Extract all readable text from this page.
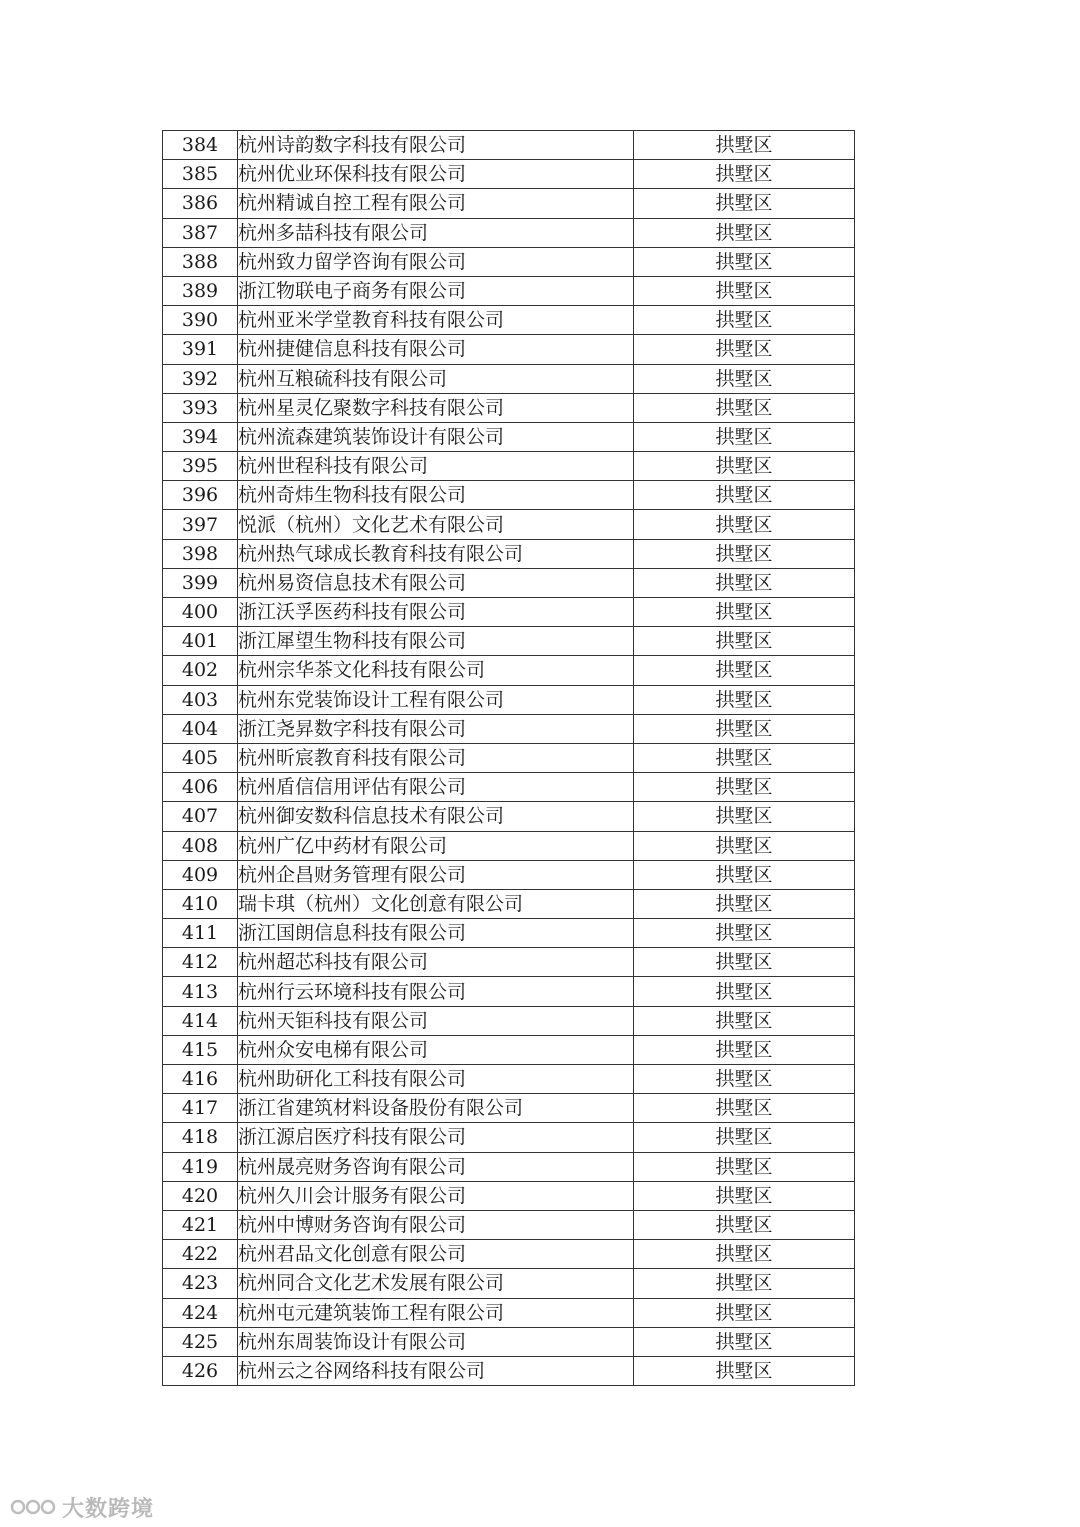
384	杭州诗韵数字科技有限公司	拱墅区
385	杭州优业环保科技有限公司	拱墅区
386	杭州精诚自控工程有限公司	拱墅区
387	杭州多喆科技有限公司	拱墅区
388	杭州致力留学咨询有限公司	拱墅区
389	浙江物联电子商务有限公司	拱墅区
390	杭州亚米学堂教育科技有限公司	拱墅区
391	杭州捷健信息科技有限公司	拱墅区
392	杭州互粮硫科技有限公司	拱墅区
393	杭州星灵亿聚数字科技有限公司	拱墅区
394	杭州流森建筑装饰设计有限公司	拱墅区
395	杭州世程科技有限公司	拱墅区
396	杭州奇炜生物科技有限公司	拱墅区
397	悦派（杭州）文化艺术有限公司	拱墅区
398	杭州热气球成长教育科技有限公司	拱墅区
399	杭州易资信息技术有限公司	拱墅区
400	浙江沃孚医药科技有限公司	拱墅区
401	浙江犀望生物科技有限公司	拱墅区
402	杭州宗华茶文化科技有限公司	拱墅区
403	杭州东党装饰设计工程有限公司	拱墅区
404	浙江尧昇数字科技有限公司	拱墅区
405	杭州昕宸教育科技有限公司	拱墅区
406	杭州盾信信用评估有限公司	拱墅区
407	杭州御安数科信息技术有限公司	拱墅区
408	杭州广亿中药材有限公司	拱墅区
409	杭州企昌财务管理有限公司	拱墅区
410	瑞卡琪（杭州）文化创意有限公司	拱墅区
411	浙江国朗信息科技有限公司	拱墅区
412	杭州超芯科技有限公司	拱墅区
413	杭州行云环境科技有限公司	拱墅区
414	杭州天钜科技有限公司	拱墅区
415	杭州众安电梯有限公司	拱墅区
416	杭州助研化工科技有限公司	拱墅区
417	浙江省建筑材料设备股份有限公司	拱墅区
418	浙江源启医疗科技有限公司	拱墅区
419	杭州晟亮财务咨询有限公司	拱墅区
420	杭州久川会计服务有限公司	拱墅区
421	杭州中博财务咨询有限公司	拱墅区
422	杭州君品文化创意有限公司	拱墅区
423	杭州同合文化艺术发展有限公司	拱墅区
424	杭州屯元建筑装饰工程有限公司	拱墅区
425	杭州东周装饰设计有限公司	拱墅区
426	杭州云之谷网络科技有限公司	拱墅区
大数跨境
